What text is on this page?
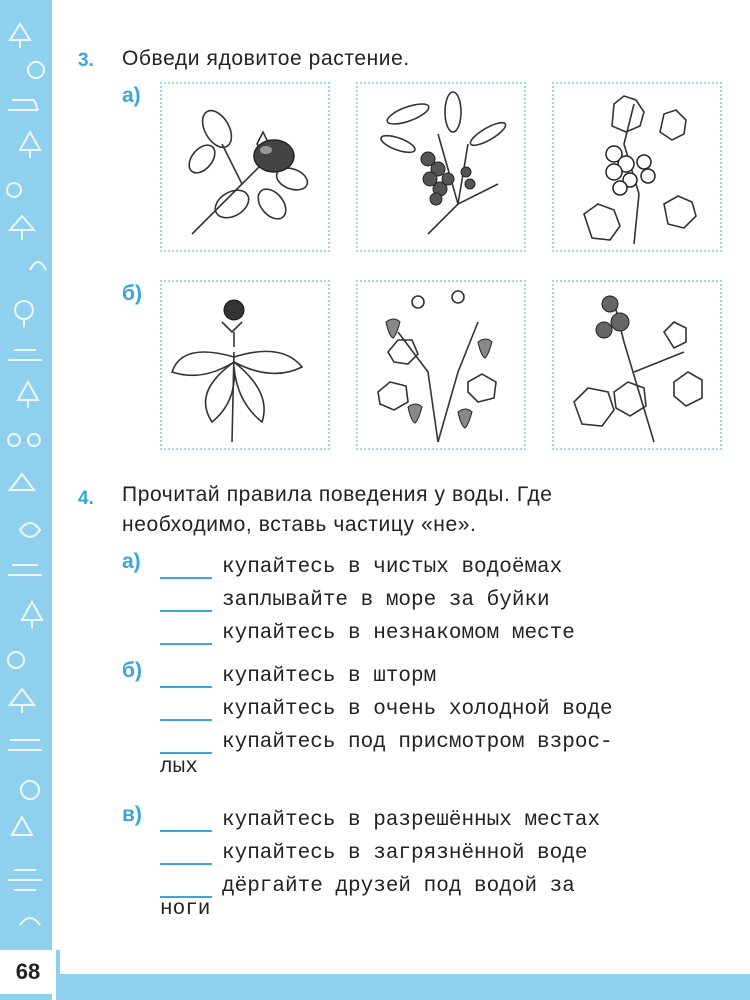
68
3. Обведи ядовитое растение.
а)
б)
4. Прочитай правила поведения у воды. Где
необходимо, вставь частицу «не».
а)	купайтесь в чистых водоёмах
заплывайте в море за буйки
купайтесь в незнакомом месте
б)	купайтесь в шторм
купайтесь в очень холодной воде
купайтесь под присмотром взрос-
лых
в)	купайтесь в разрешённых местах
купайтесь в загрязнённой воде
дёргайте друзей под водой за
ноги
